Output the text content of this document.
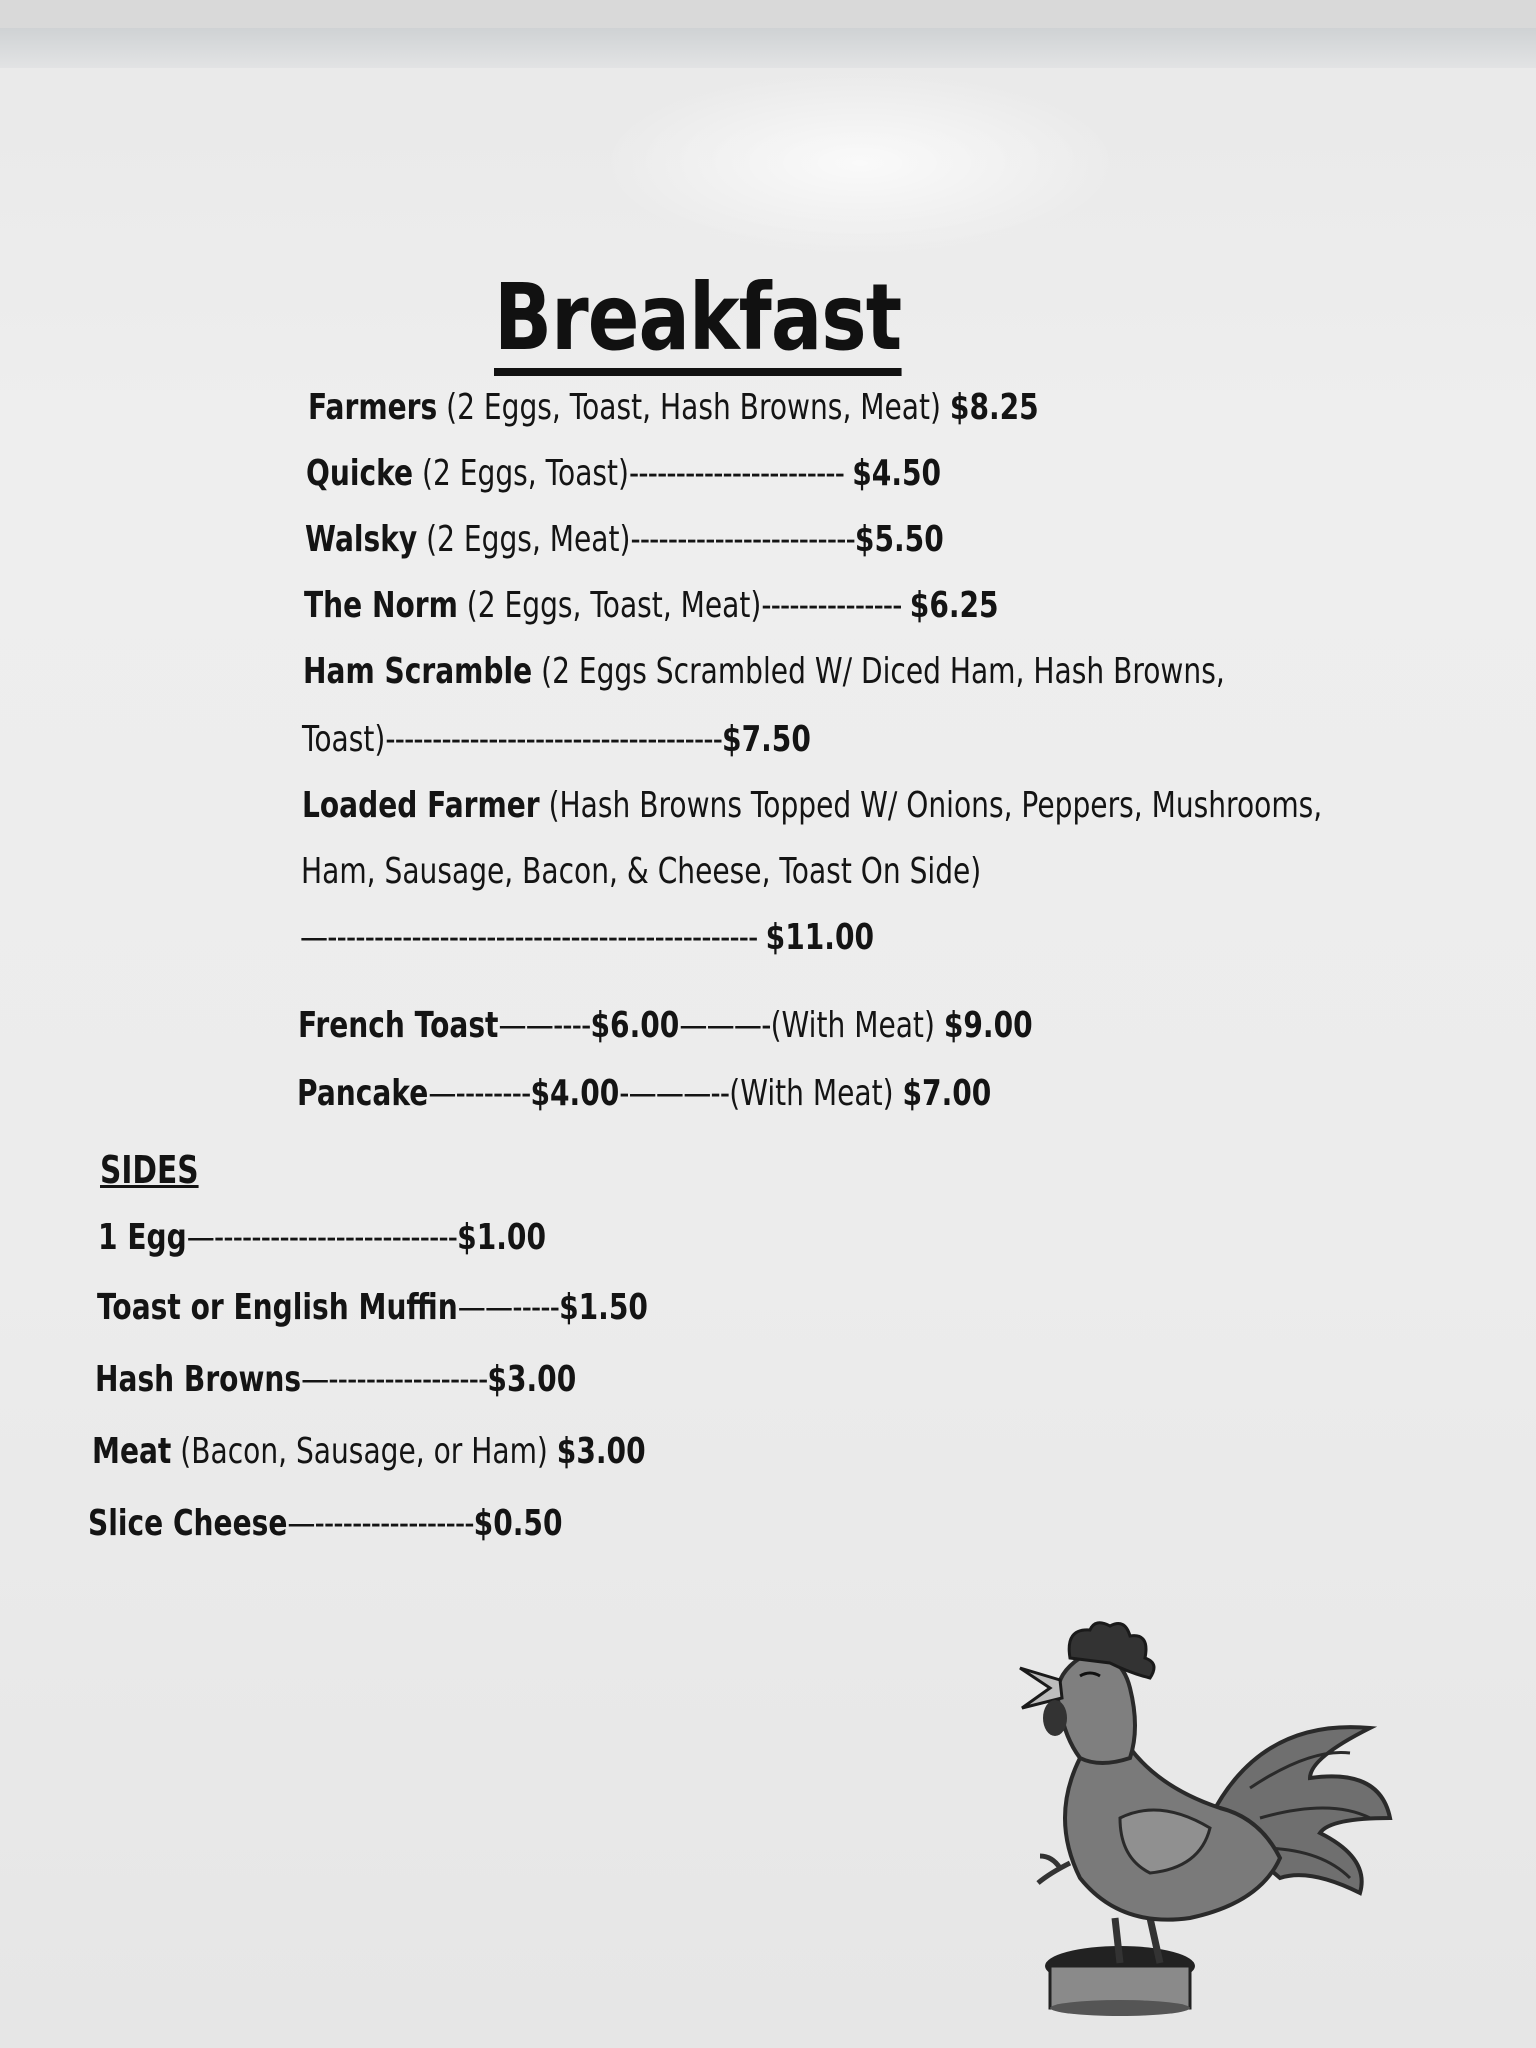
Breakfast
Farmers (2 Eggs, Toast, Hash Browns, Meat) $8.25
Quicke (2 Eggs, Toast)----------------------- $4.50
Walsky (2 Eggs, Meat)------------------------$5.50
The Norm (2 Eggs, Toast, Meat)--------------- $6.25
Ham Scramble (2 Eggs Scrambled W/ Diced Ham, Hash Browns,
Toast)------------------------------------$7.50
Loaded Farmer (Hash Browns Topped W/ Onions, Peppers, Mushrooms,
Ham, Sausage, Bacon, & Cheese, Toast On Side)
—---------------------------------------------- $11.00
French Toast——----$6.00———-(With Meat) $9.00
Pancake—--------$4.00-———--(With Meat) $7.00
SIDES
1 Egg—--------------------------$1.00
Toast or English Muffin——-----$1.50
Hash Browns—-----------------$3.00
Meat (Bacon, Sausage, or Ham) $3.00
Slice Cheese—-----------------$0.50
